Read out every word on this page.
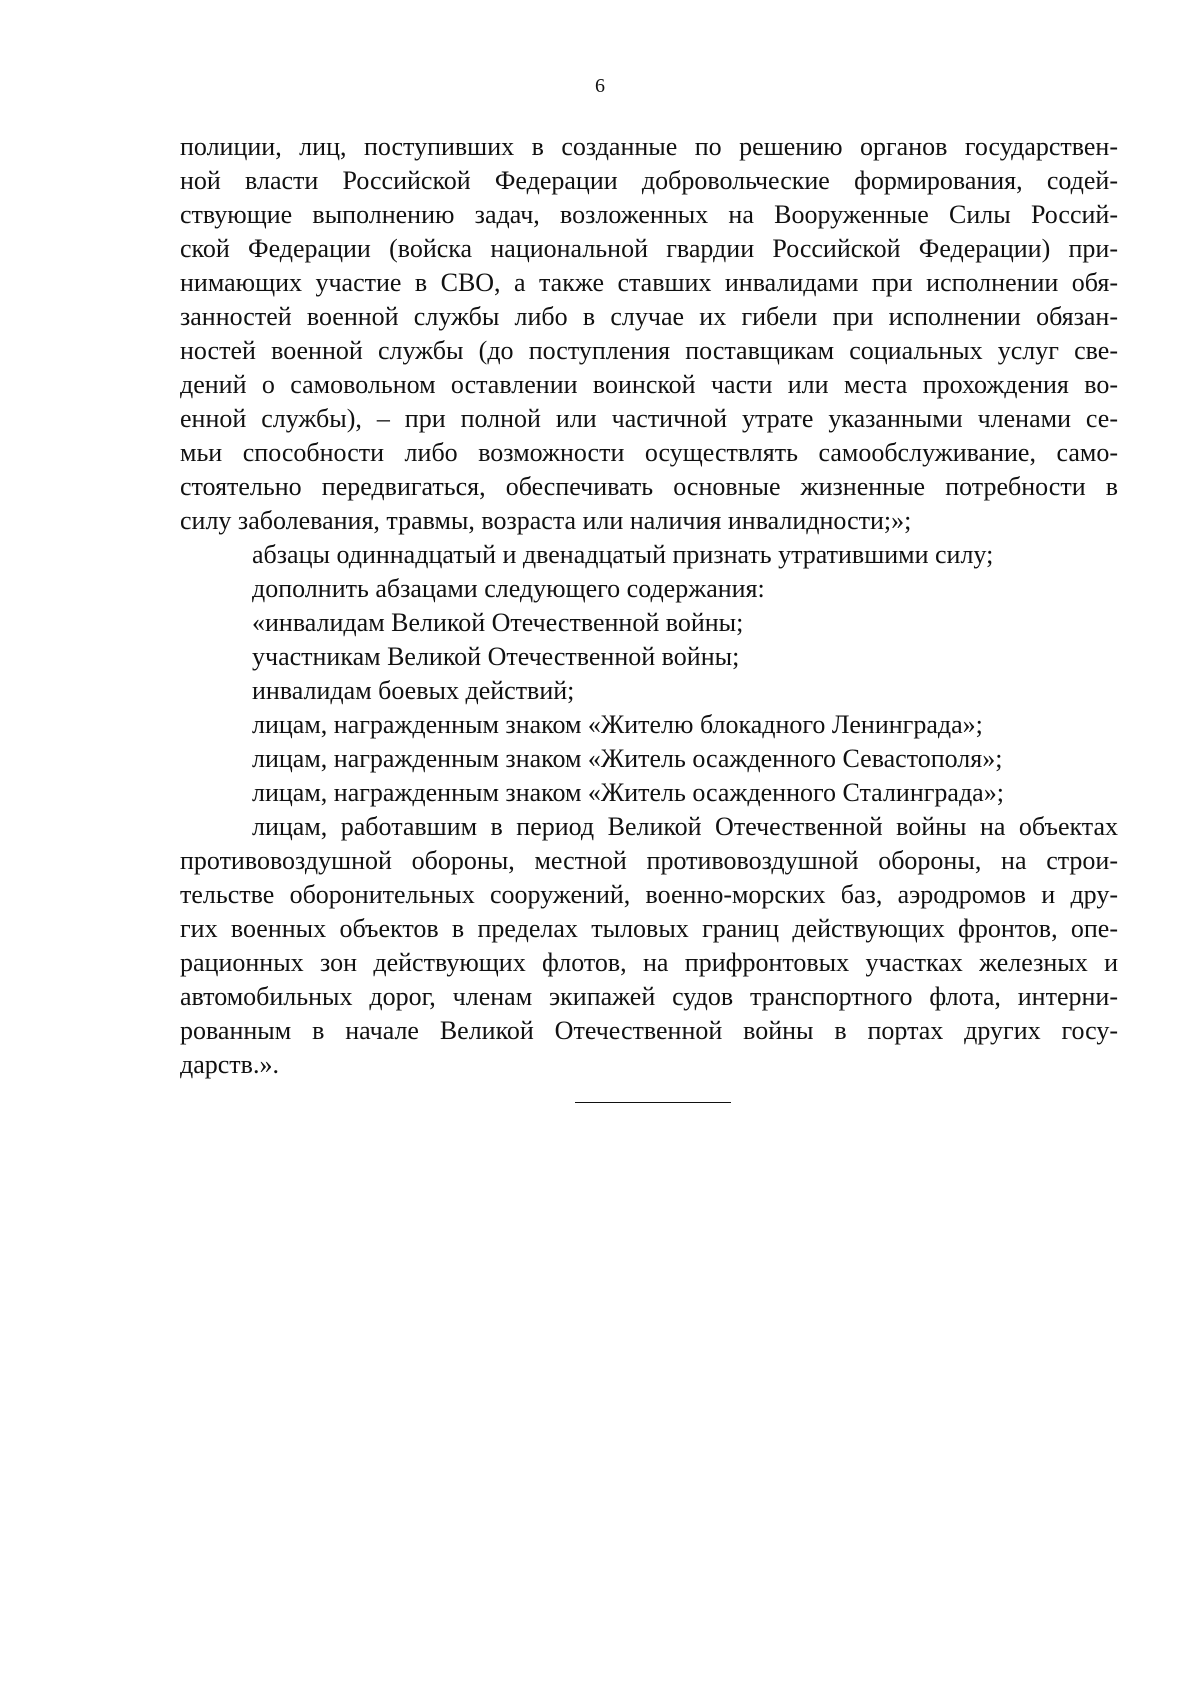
6
полиции, лиц, поступивших в созданные по решению органов государствен-
ной власти Российской Федерации добровольческие формирования, содей-
ствующие выполнению задач, возложенных на Вооруженные Силы Россий-
ской Федерации (войска национальной гвардии Российской Федерации) при-
нимающих участие в СВО, а также ставших инвалидами при исполнении обя-
занностей военной службы либо в случае их гибели при исполнении обязан-
ностей военной службы (до поступления поставщикам социальных услуг све-
дений о самовольном оставлении воинской части или места прохождения во-
енной службы), – при полной или частичной утрате указанными членами се-
мьи способности либо возможности осуществлять самообслуживание, само-
стоятельно передвигаться, обеспечивать основные жизненные потребности в
силу заболевания, травмы, возраста или наличия инвалидности;»;
абзацы одиннадцатый и двенадцатый признать утратившими силу;
дополнить абзацами следующего содержания:
«инвалидам Великой Отечественной войны;
участникам Великой Отечественной войны;
инвалидам боевых действий;
лицам, награжденным знаком «Жителю блокадного Ленинграда»;
лицам, награжденным знаком «Житель осажденного Севастополя»;
лицам, награжденным знаком «Житель осажденного Сталинграда»;
лицам, работавшим в период Великой Отечественной войны на объектах
противовоздушной обороны, местной противовоздушной обороны, на строи-
тельстве оборонительных сооружений, военно-морских баз, аэродромов и дру-
гих военных объектов в пределах тыловых границ действующих фронтов, опе-
рационных зон действующих флотов, на прифронтовых участках железных и
автомобильных дорог, членам экипажей судов транспортного флота, интерни-
рованным в начале Великой Отечественной войны в портах других госу-
дарств.».
